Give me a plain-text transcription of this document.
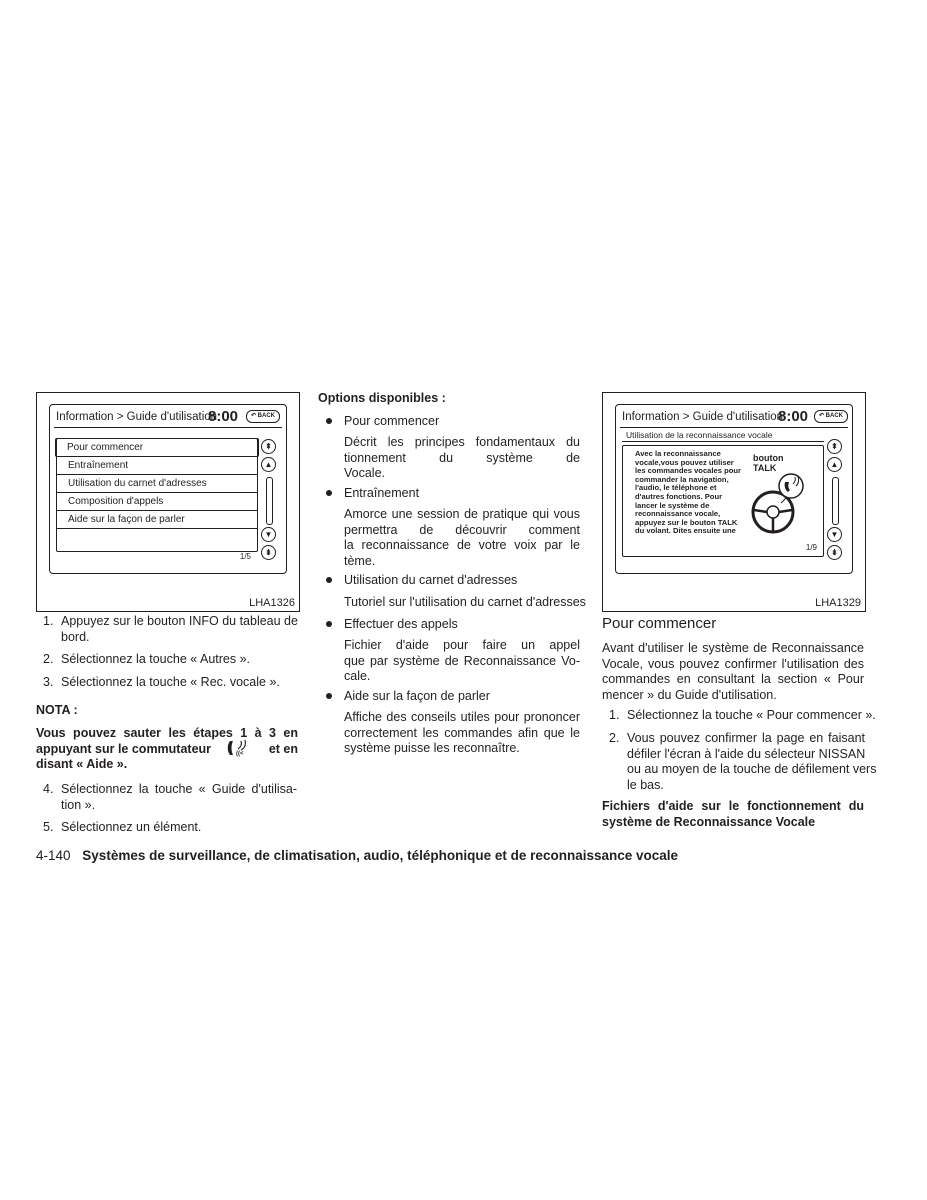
Information > Guide d'utilisation
8:00	↶ BACK
Pour commencer
Entraînement
Utilisation du carnet d'adresses
Composition d'appels
Aide sur la façon de parler
1/5
⇞
▲
▼
⇟
LHA1326
1. Appuyez sur le bouton INFO du tableau de
bord.
2. Sélectionnez la touche « Autres ».
3. Sélectionnez la touche « Rec. vocale ».
NOTA :
Vous pouvez sauter les étapes 1 à 3 en
appuyant sur le commutateur	((< et en
disant « Aide ».
4. Sélectionnez la touche « Guide d'utilisa-
tion ».
5. Sélectionnez un élément.
Options disponibles :
Pour commencer
Décrit les principes fondamentaux du
tionnement du système de
Vocale.
Entraînement
Amorce une session de pratique qui vous
permettra de découvrir comment
la reconnaissance de votre voix par le
tème.
Utilisation du carnet d'adresses
Tutoriel sur l'utilisation du carnet d'adresses
Effectuer des appels
Fichier d'aide pour faire un appel
que par système de Reconnaissance Vo-
cale.
Aide sur la façon de parler
Affiche des conseils utiles pour prononcer
correctement les commandes afin que le
système puisse les reconnaître.
Information > Guide d'utilisation
8:00	↶ BACK
Utilisation de la reconnaissance vocale
Avec la reconnaissance
vocale,vous pouvez utiliser
les commandes vocales pour
commander la navigation,
l'audio, le téléphone et
d'autres fonctions. Pour
lancer le système de
reconnaissance vocale,
appuyez sur le bouton TALK
du volant. Dites ensuite une
bouton
TALK
1/9
⇞
▲
▼
⇟
LHA1329
Pour commencer
Avant d'utiliser le système de Reconnaissance
Vocale, vous pouvez confirmer l'utilisation des
commandes en consultant la section « Pour
mencer » du Guide d'utilisation.
1. Sélectionnez la touche « Pour commencer ».
2. Vous pouvez confirmer la page en faisant
défiler l'écran à l'aide du sélecteur NISSAN
ou au moyen de la touche de défilement vers
le bas.
Fichiers d'aide sur le fonctionnement du
système de Reconnaissance Vocale
4-140 Systèmes de surveillance, de climatisation, audio, téléphonique et de reconnaissance vocale
